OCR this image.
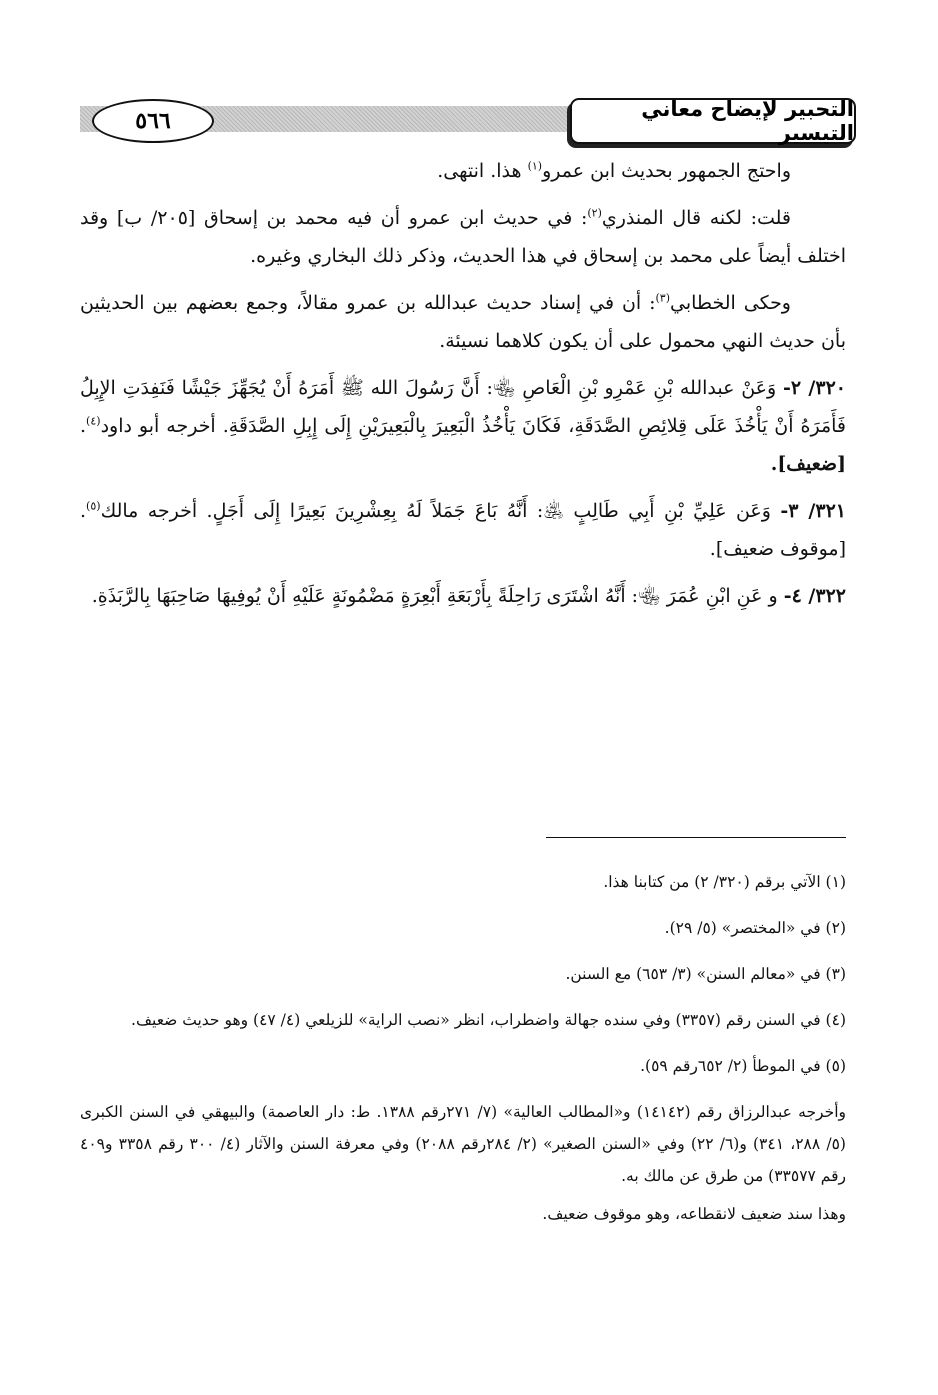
التحبير لإيضاح معاني التيسير
٥٦٦

واحتج الجمهور بحديث ابن عمرو$^{(١)}$ هذا. انتهى.

قلت: لكنه قال المنذري$^{(٢)}$: في حديث ابن عمرو أن فيه محمد بن إسحاق [٢٠٥/ ب] وقد اختلف أيضاً على محمد بن إسحاق في هذا الحديث، وذكر ذلك البخاري وغيره.

وحكى الخطابي$^{(٣)}$: أن في إسناد حديث عبدالله بن عمرو مقالاً، وجمع بعضهم بين الحديثين بأن حديث النهي محمول على أن يكون كلاهما نسيئة.

٣٢٠/ ٢- وَعَنْ عبدالله بْنِ عَمْرِو بْنِ الْعَاصِ ﵄: أَنَّ رَسُولَ الله ﷺ أَمَرَهُ أَنْ يُجَهِّزَ جَيْشًا فَنَفِدَتِ الإِبِلُ فَأَمَرَهُ أَنْ يَأْخُذَ عَلَى قِلائِصِ الصَّدَقَةِ، فَكَانَ يَأْخُذُ الْبَعِيرَ بِالْبَعِيرَيْنِ إِلَى إِبِلِ الصَّدَقَةِ. أخرجه أبو داود$^{(٤)}$. [ضعيف].

٣٢١/ ٣- وَعَن عَلِيِّ بْنِ أَبِي طَالِبٍ ﵁: أَنَّهُ بَاعَ جَمَلاً لَهُ بِعِشْرِينَ بَعِيرًا إِلَى أَجَلٍ. أخرجه مالك$^{(٥)}$. [موقوف ضعيف].

٣٢٢/ ٤- و عَنِ ابْنِ عُمَرَ ﵄: أَنَّهُ اشْتَرَى رَاحِلَةً بِأَرْبَعَةِ أَبْعِرَةٍ مَضْمُونَةٍ عَلَيْهِ أَنْ يُوفِيهَا صَاحِبَهَا بِالرَّبَذَةِ.

(١) الآتي برقم (٣٢٠/ ٢) من كتابنا هذا.

(٢) في «المختصر» (٥/ ٢٩).

(٣) في «معالم السنن» (٣/ ٦٥٣) مع السنن.

(٤) في السنن رقم (٣٣٥٧) وفي سنده جهالة واضطراب، انظر «نصب الراية» للزيلعي (٤/ ٤٧) وهو حديث ضعيف.

(٥) في الموطأ (٢/ ٦٥٢رقم ٥٩).

وأخرجه عبدالرزاق رقم (١٤١٤٢) و«المطالب العالية» (٧/ ٢٧١رقم ١٣٨٨. ط: دار العاصمة) والبيهقي في السنن الكبرى (٥/ ٢٨٨، ٣٤١) و(٦/ ٢٢) وفي «السنن الصغير» (٢/ ٢٨٤رقم ٢٠٨٨) وفي معرفة السنن والآثار (٤/ ٣٠٠ رقم ٣٣٥٨ و٤٠٩ رقم ٣٣٥٧٧) من طرق عن مالك به.

وهذا سند ضعيف لانقطاعه، وهو موقوف ضعيف.
